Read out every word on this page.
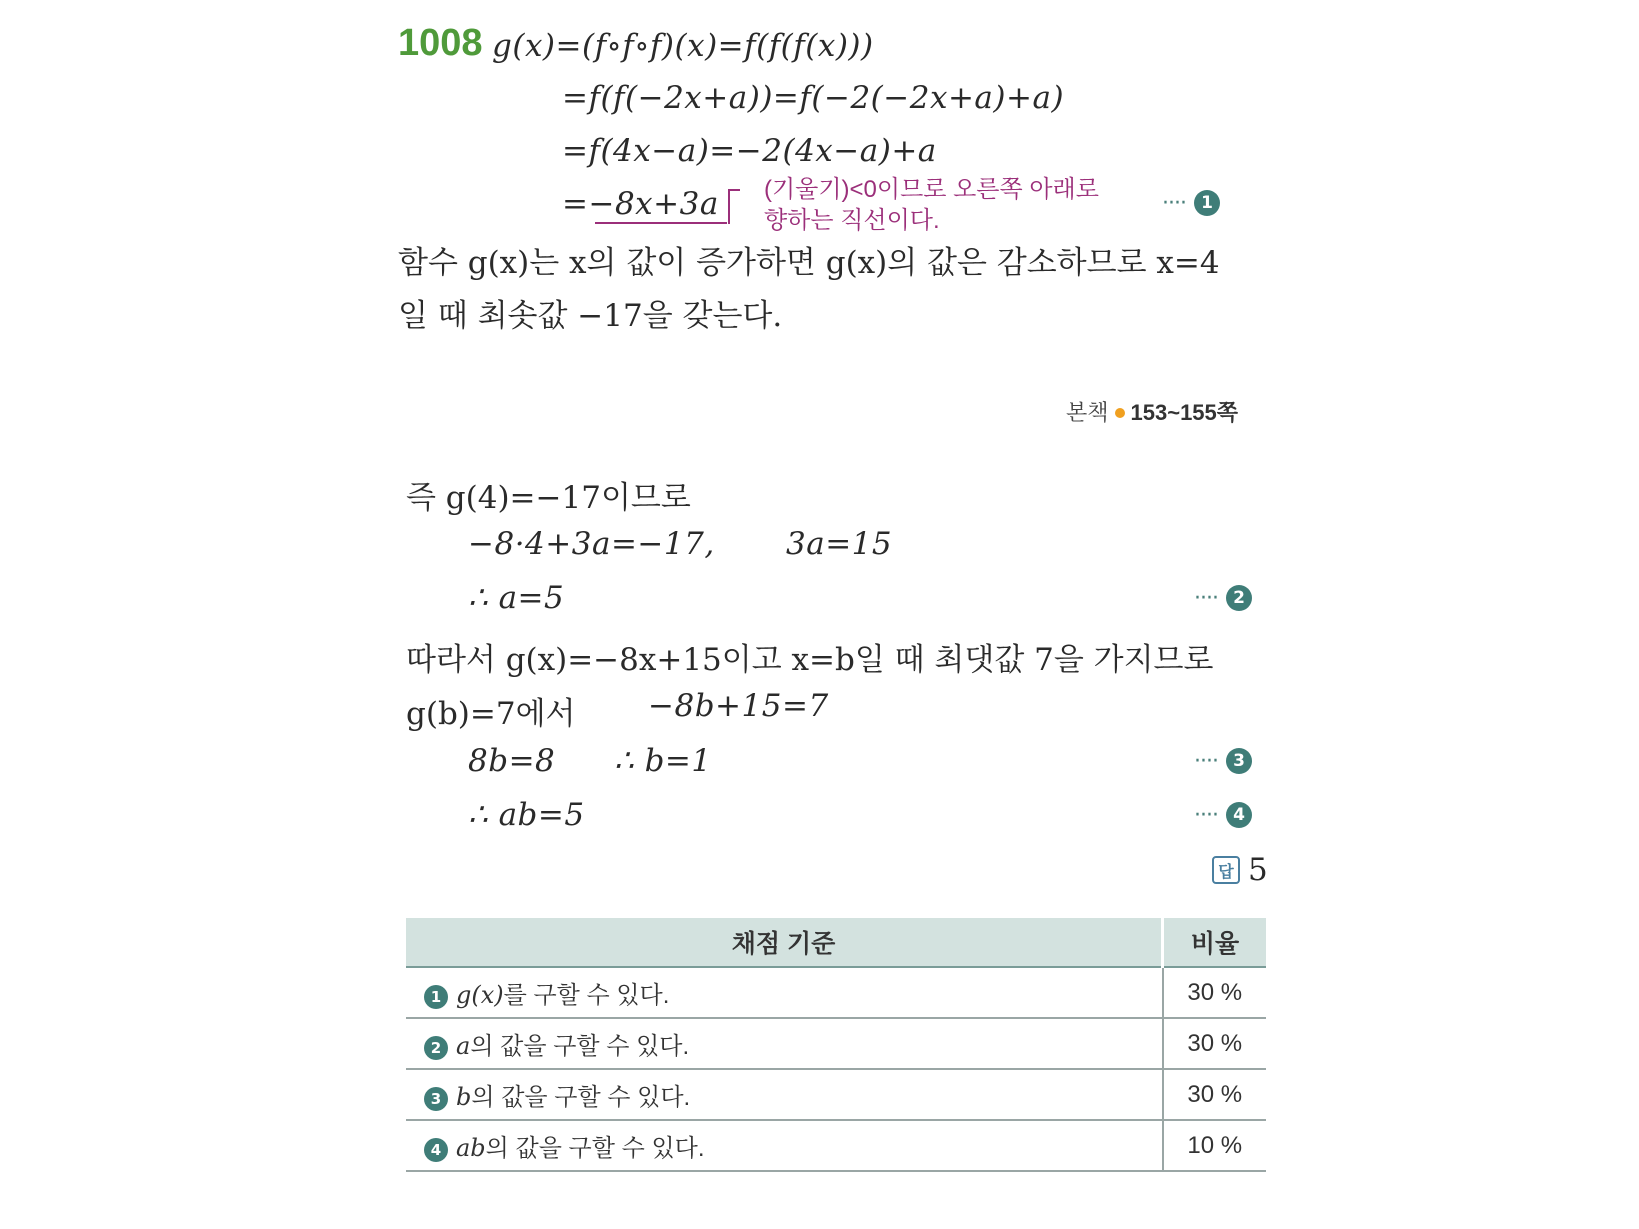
1008 g(x)=(f∘f∘f)(x)=f(f(f(x)))
=f(f(−2x+a))=f(−2(−2x+a)+a)
=f(4x−a)=−2(4x−a)+a
=−8x+3a (기울기)<0이므로 오른쪽 아래로
향하는 직선이다.
···· 1
함수 g(x)는 x의 값이 증가하면 g(x)의 값은 감소하므로 x=4
일 때 최솟값 −17을 갖는다.
본책 153~155쪽
즉 g(4)=−17이므로
−8·4+3a=−17, 3a=15
∴ a=5	···· 2
따라서 g(x)=−8x+15이고 x=b일 때 최댓값 7을 가지므로
g(b)=7에서 −8b+15=7
8b=8 ∴ b=1	···· 3
∴ ab=5	···· 4
답 5
채점 기준	비율
1 g(x)를 구할 수 있다.	30 %
2 a의 값을 구할 수 있다.	30 %
3 b의 값을 구할 수 있다.	30 %
4 ab의 값을 구할 수 있다.	10 %
